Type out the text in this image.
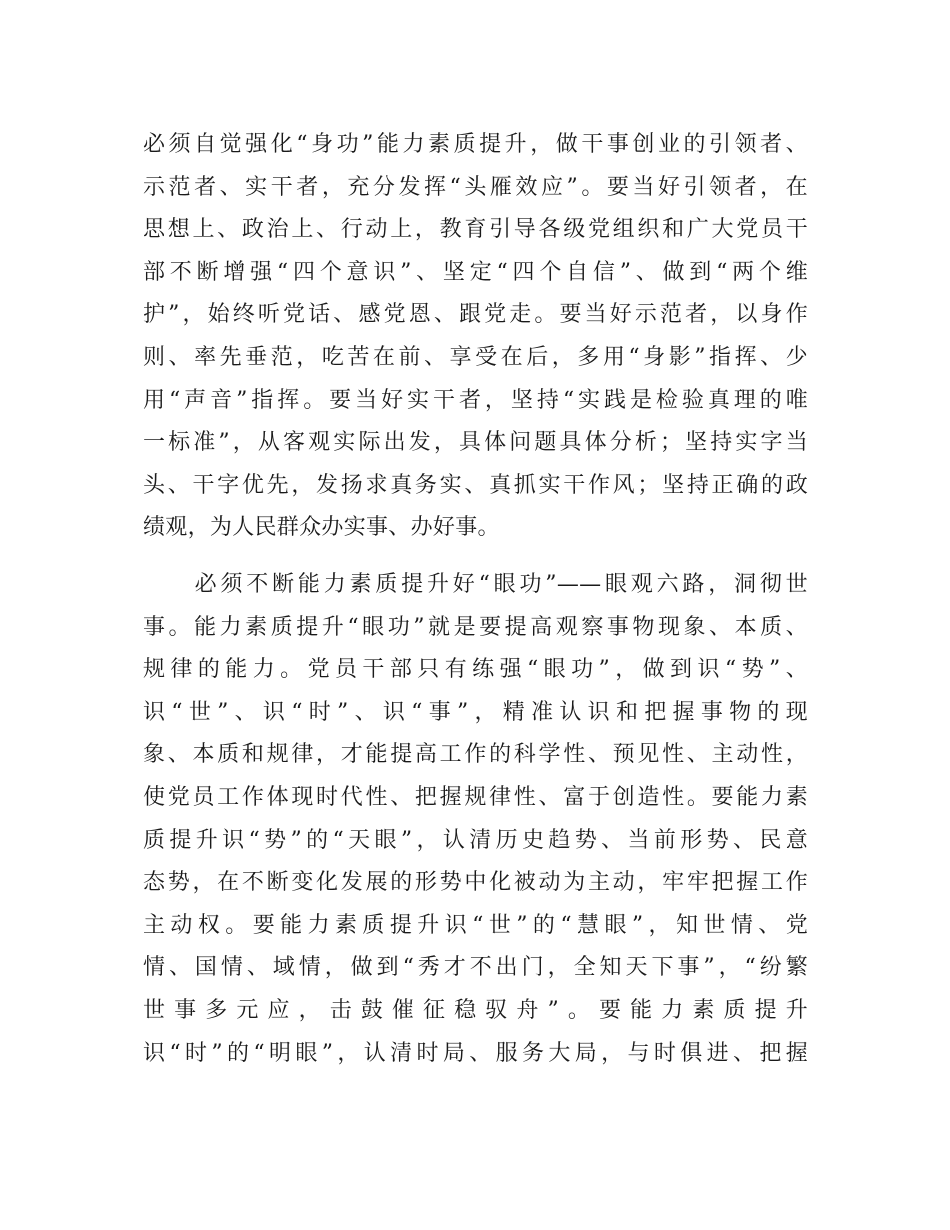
必须自觉强化“身功”能力素质提升，做干事创业的引领者、
示范者、实干者，充分发挥“头雁效应”。要当好引领者，在
思想上、政治上、行动上，教育引导各级党组织和广大党员干
部不断增强“四个意识”、坚定“四个自信”、做到“两个维
护”，始终听党话、感党恩、跟党走。要当好示范者，以身作
则、率先垂范，吃苦在前、享受在后，多用“身影”指挥、少
用“声音”指挥。要当好实干者，坚持“实践是检验真理的唯
一标准”，从客观实际出发，具体问题具体分析；坚持实字当
头、干字优先，发扬求真务实、真抓实干作风；坚持正确的政
绩观，为人民群众办实事、办好事。

　　必须不断能力素质提升好“眼功”——眼观六路，洞彻世
事。能力素质提升“眼功”就是要提高观察事物现象、本质、
规律的能力。党员干部只有练强“眼功”，做到识“势”、
识“世”、识“时”、识“事”，精准认识和把握事物的现
象、本质和规律，才能提高工作的科学性、预见性、主动性，
使党员工作体现时代性、把握规律性、富于创造性。要能力素
质提升识“势”的“天眼”，认清历史趋势、当前形势、民意
态势，在不断变化发展的形势中化被动为主动，牢牢把握工作
主动权。要能力素质提升识“世”的“慧眼”，知世情、党
情、国情、域情，做到“秀才不出门，全知天下事”，“纷繁
世事多元应，击鼓催征稳驭舟”。要能力素质提升
识“时”的“明眼”，认清时局、服务大局，与时俱进、把握
